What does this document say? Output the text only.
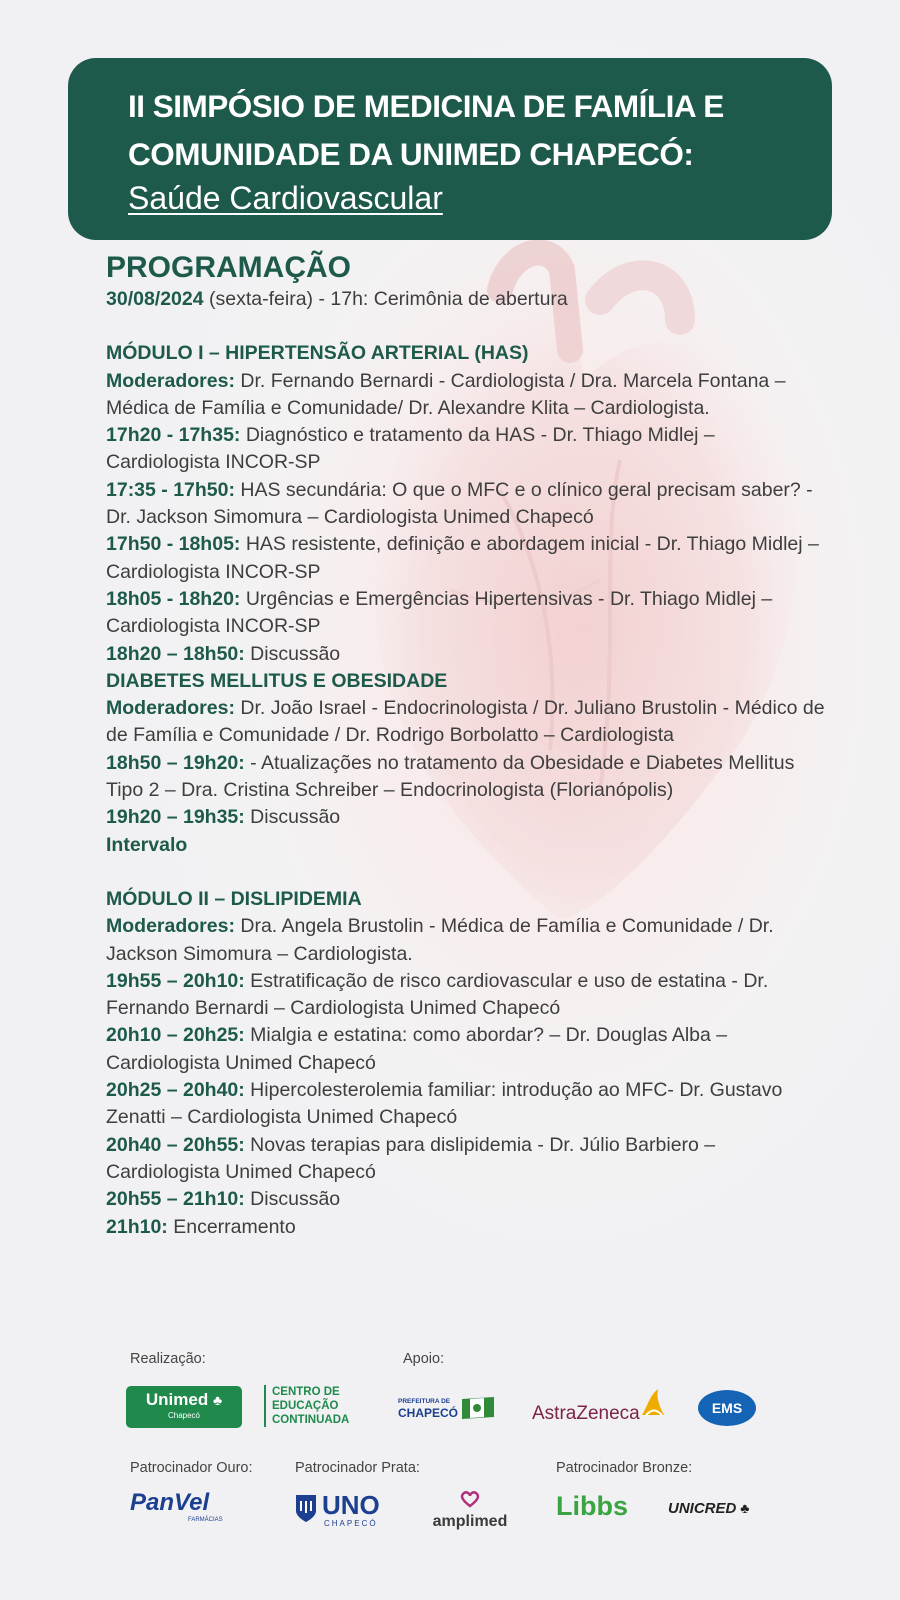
II SIMPÓSIO DE MEDICINA DE FAMÍLIA E
COMUNIDADE DA UNIMED CHAPECÓ:
Saúde Cardiovascular
PROGRAMAÇÃO

30/08/2024 (sexta-feira) - 17h: Cerimônia de abertura

MÓDULO I – HIPERTENSÃO ARTERIAL (HAS)

Moderadores: Dr. Fernando Bernardi - Cardiologista / Dra. Marcela Fontana – Médica de Família e Comunidade/ Dr. Alexandre Klita – Cardiologista.

17h20 - 17h35: Diagnóstico e tratamento da HAS - Dr. Thiago Midlej – Cardiologista INCOR-SP

17:35 - 17h50: HAS secundária: O que o MFC e o clínico geral precisam saber? - Dr. Jackson Simomura – Cardiologista Unimed Chapecó

17h50 - 18h05: HAS resistente, definição e abordagem inicial - Dr. Thiago Midlej – Cardiologista INCOR-SP

18h05 - 18h20: Urgências e Emergências Hipertensivas - Dr. Thiago Midlej – Cardiologista INCOR-SP

18h20 – 18h50: Discussão

DIABETES MELLITUS E OBESIDADE

Moderadores: Dr. João Israel - Endocrinologista / Dr. Juliano Brustolin - Médico de de Família e Comunidade / Dr. Rodrigo Borbolatto – Cardiologista

18h50 – 19h20: - Atualizações no tratamento da Obesidade e Diabetes Mellitus Tipo 2 – Dra. Cristina Schreiber – Endocrinologista (Florianópolis)

19h20 – 19h35: Discussão

Intervalo

MÓDULO II – DISLIPIDEMIA

Moderadores: Dra. Angela Brustolin - Médica de Família e Comunidade / Dr. Jackson Simomura – Cardiologista.

19h55 – 20h10: Estratificação de risco cardiovascular e uso de estatina - Dr. Fernando Bernardi – Cardiologista Unimed Chapecó

20h10 – 20h25: Mialgia e estatina: como abordar? – Dr. Douglas Alba – Cardiologista Unimed Chapecó

20h25 – 20h40: Hipercolesterolemia familiar: introdução ao MFC- Dr. Gustavo Zenatti – Cardiologista Unimed Chapecó

20h40 – 20h55: Novas terapias para dislipidemia - Dr. Júlio Barbiero – Cardiologista Unimed Chapecó

20h55 – 21h10: Discussão

21h10: Encerramento

Realização:	Apoio:
Unimed ♣
Chapecó
CENTRO DE
EDUCAÇÃO
CONTINUADA
PREFEITURA DE
CHAPECÓ	AstraZeneca	EMS
Patrocinador Ouro:	Patrocinador Prata:	Patrocinador Bronze:
PanVel
FARMÁCIAS	UNO
CHAPECÓ	amplimed
Libbs	UNICRED ♣
